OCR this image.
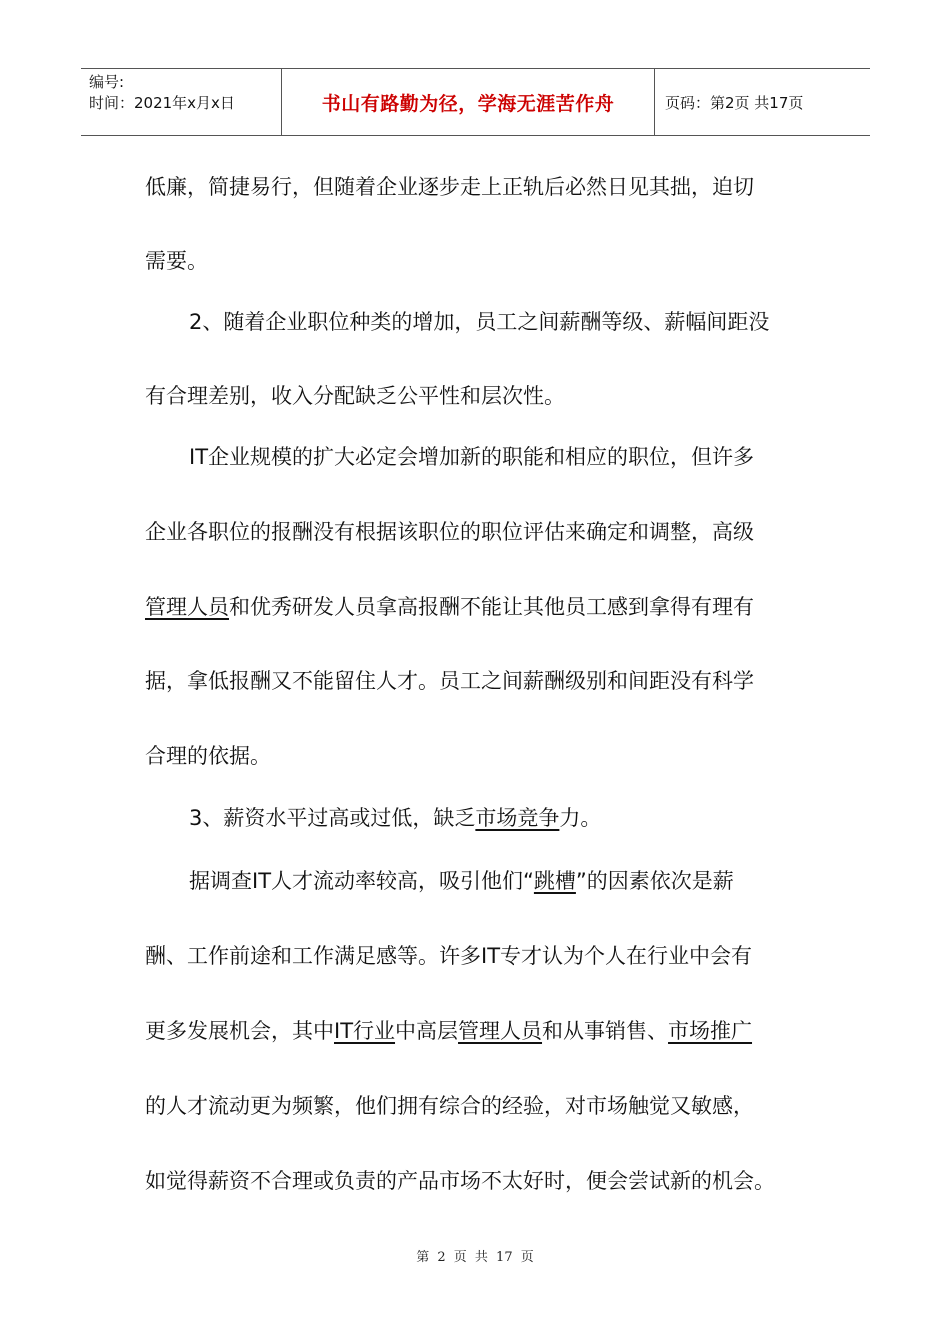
编号:
时间：2021年x月x日	书山有路勤为径，学海无涯苦作舟	页码：第2页 共17页
低廉，简捷易行，但随着企业逐步走上正轨后必然日见其拙，迫切
需要。
2、随着企业职位种类的增加，员工之间薪酬等级、薪幅间距没
有合理差别，收入分配缺乏公平性和层次性。
IT企业规模的扩大必定会增加新的职能和相应的职位，但许多
企业各职位的报酬没有根据该职位的职位评估来确定和调整，高级
管理人员和优秀研发人员拿高报酬不能让其他员工感到拿得有理有
据，拿低报酬又不能留住人才。员工之间薪酬级别和间距没有科学
合理的依据。
3、薪资水平过高或过低，缺乏市场竞争力。
据调查IT人才流动率较高，吸引他们“跳槽”的因素依次是薪
酬、工作前途和工作满足感等。许多IT专才认为个人在行业中会有
更多发展机会，其中IT行业中高层管理人员和从事销售、市场推广
的人才流动更为频繁，他们拥有综合的经验，对市场触觉又敏感，
如觉得薪资不合理或负责的产品市场不太好时，便会尝试新的机会。
第 2 页 共 17 页
